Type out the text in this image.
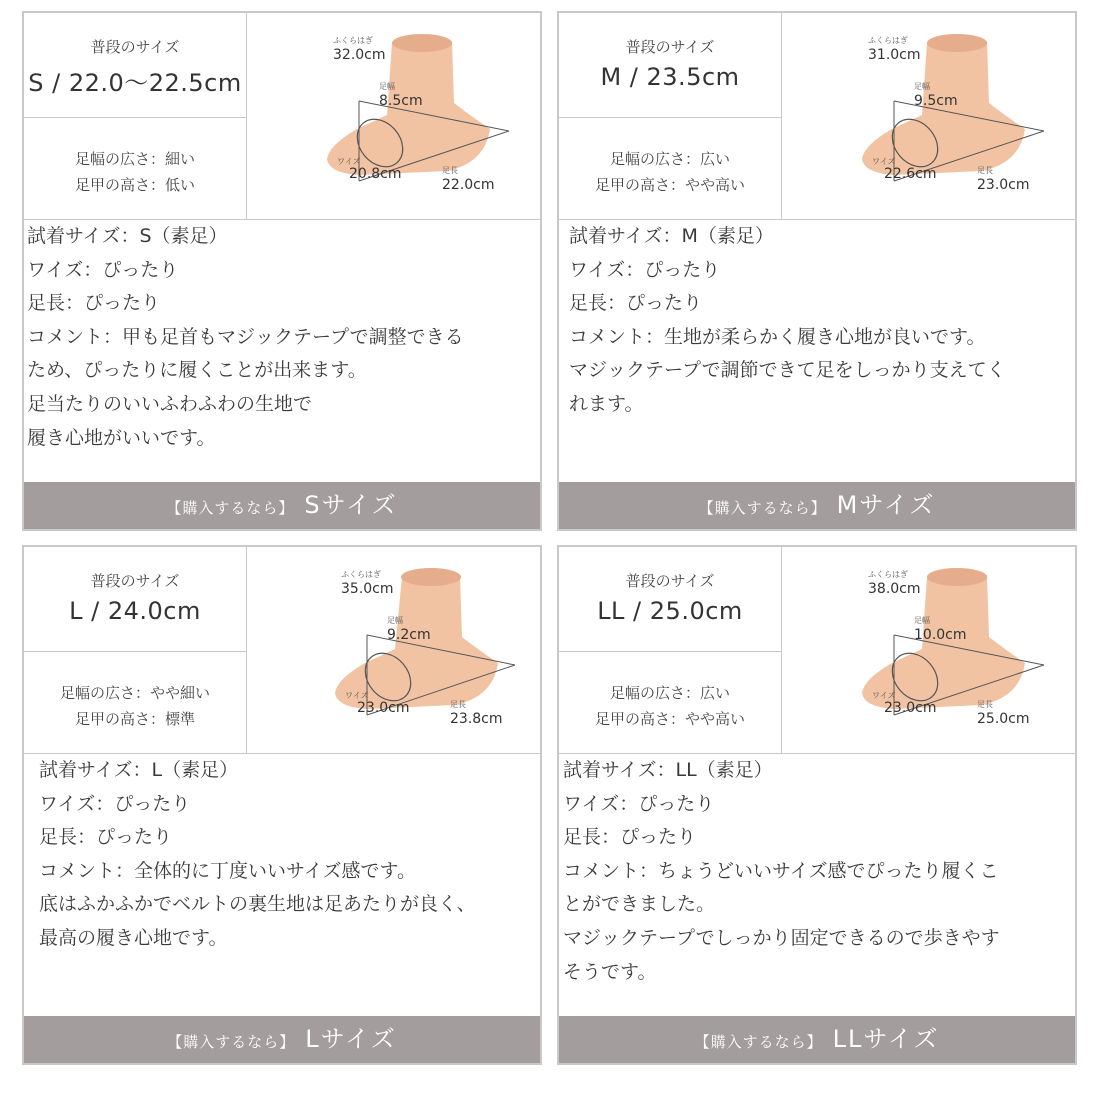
普段のサイズ
S / 22.0〜22.5cm
足幅の広さ：細い
足甲の高さ：低い
ふくらはぎ
32.0cm
足幅
8.5cm
ワイズ
20.8cm	足長
22.0cm
試着サイズ：S（素足）
ワイズ：ぴったり
足長：ぴったり
コメント：甲も足首もマジックテープで調整できる
ため、ぴったりに履くことが出来ます。
足当たりのいいふわふわの生地で
履き心地がいいです。
【購入するなら】 Sサイズ
普段のサイズ
M / 23.5cm
足幅の広さ：広い
足甲の高さ：やや高い
ふくらはぎ
31.0cm
足幅
9.5cm
ワイズ
22.6cm	足長
23.0cm
試着サイズ：M（素足）
ワイズ：ぴったり
足長：ぴったり
コメント：生地が柔らかく履き心地が良いです。
マジックテープで調節できて足をしっかり支えてく
れます。
【購入するなら】 Mサイズ
普段のサイズ
L / 24.0cm
足幅の広さ：やや細い
足甲の高さ：標準
ふくらはぎ
35.0cm
足幅
9.2cm
ワイズ
23.0cm	足長
23.8cm
試着サイズ：L（素足）
ワイズ：ぴったり
足長：ぴったり
コメント：全体的に丁度いいサイズ感です。
底はふかふかでベルトの裏生地は足あたりが良く、
最高の履き心地です。
【購入するなら】 Lサイズ
普段のサイズ
LL / 25.0cm
足幅の広さ：広い
足甲の高さ：やや高い
ふくらはぎ
38.0cm
足幅
10.0cm
ワイズ
23.0cm	足長
25.0cm
試着サイズ：LL（素足）
ワイズ：ぴったり
足長：ぴったり
コメント：ちょうどいいサイズ感でぴったり履くこ
とができました。
マジックテープでしっかり固定できるので歩きやす
そうです。
【購入するなら】 LLサイズ
